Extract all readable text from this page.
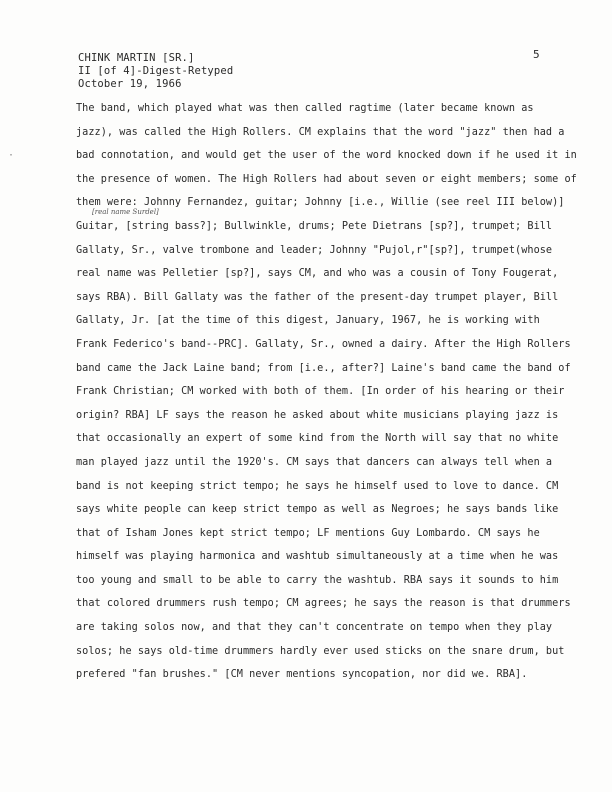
CHINK MARTIN [SR.]
II [of 4]-Digest-Retyped
October 19, 1966
5
[real name Surdel]
·
The band, which played what was then called ragtime (later became known as
jazz), was called the High Rollers. CM explains that the word "jazz" then had a
bad connotation, and would get the user of the word knocked down if he used it in
the presence of women. The High Rollers had about seven or eight members; some of
them were: Johnny Fernandez, guitar; Johnny [i.e., Willie (see reel III below)]
Guitar, [string bass?]; Bullwinkle, drums; Pete Dietrans [sp?], trumpet; Bill
Gallaty, Sr., valve trombone and leader; Johnny "Pujol,r"[sp?], trumpet(whose
real name was Pelletier [sp?], says CM, and who was a cousin of Tony Fougerat,
says RBA). Bill Gallaty was the father of the present-day trumpet player, Bill
Gallaty, Jr. [at the time of this digest, January, 1967, he is working with
Frank Federico's band--PRC]. Gallaty, Sr., owned a dairy. After the High Rollers
band came the Jack Laine band; from [i.e., after?] Laine's band came the band of
Frank Christian; CM worked with both of them. [In order of his hearing or their
origin? RBA] LF says the reason he asked about white musicians playing jazz is
that occasionally an expert of some kind from the North will say that no white
man played jazz until the 1920's. CM says that dancers can always tell when a
band is not keeping strict tempo; he says he himself used to love to dance. CM
says white people can keep strict tempo as well as Negroes; he says bands like
that of Isham Jones kept strict tempo; LF mentions Guy Lombardo. CM says he
himself was playing harmonica and washtub simultaneously at a time when he was
too young and small to be able to carry the washtub. RBA says it sounds to him
that colored drummers rush tempo; CM agrees; he says the reason is that drummers
are taking solos now, and that they can't concentrate on tempo when they play
solos; he says old-time drummers hardly ever used sticks on the snare drum, but
prefered "fan brushes." [CM never mentions syncopation, nor did we. RBA].
